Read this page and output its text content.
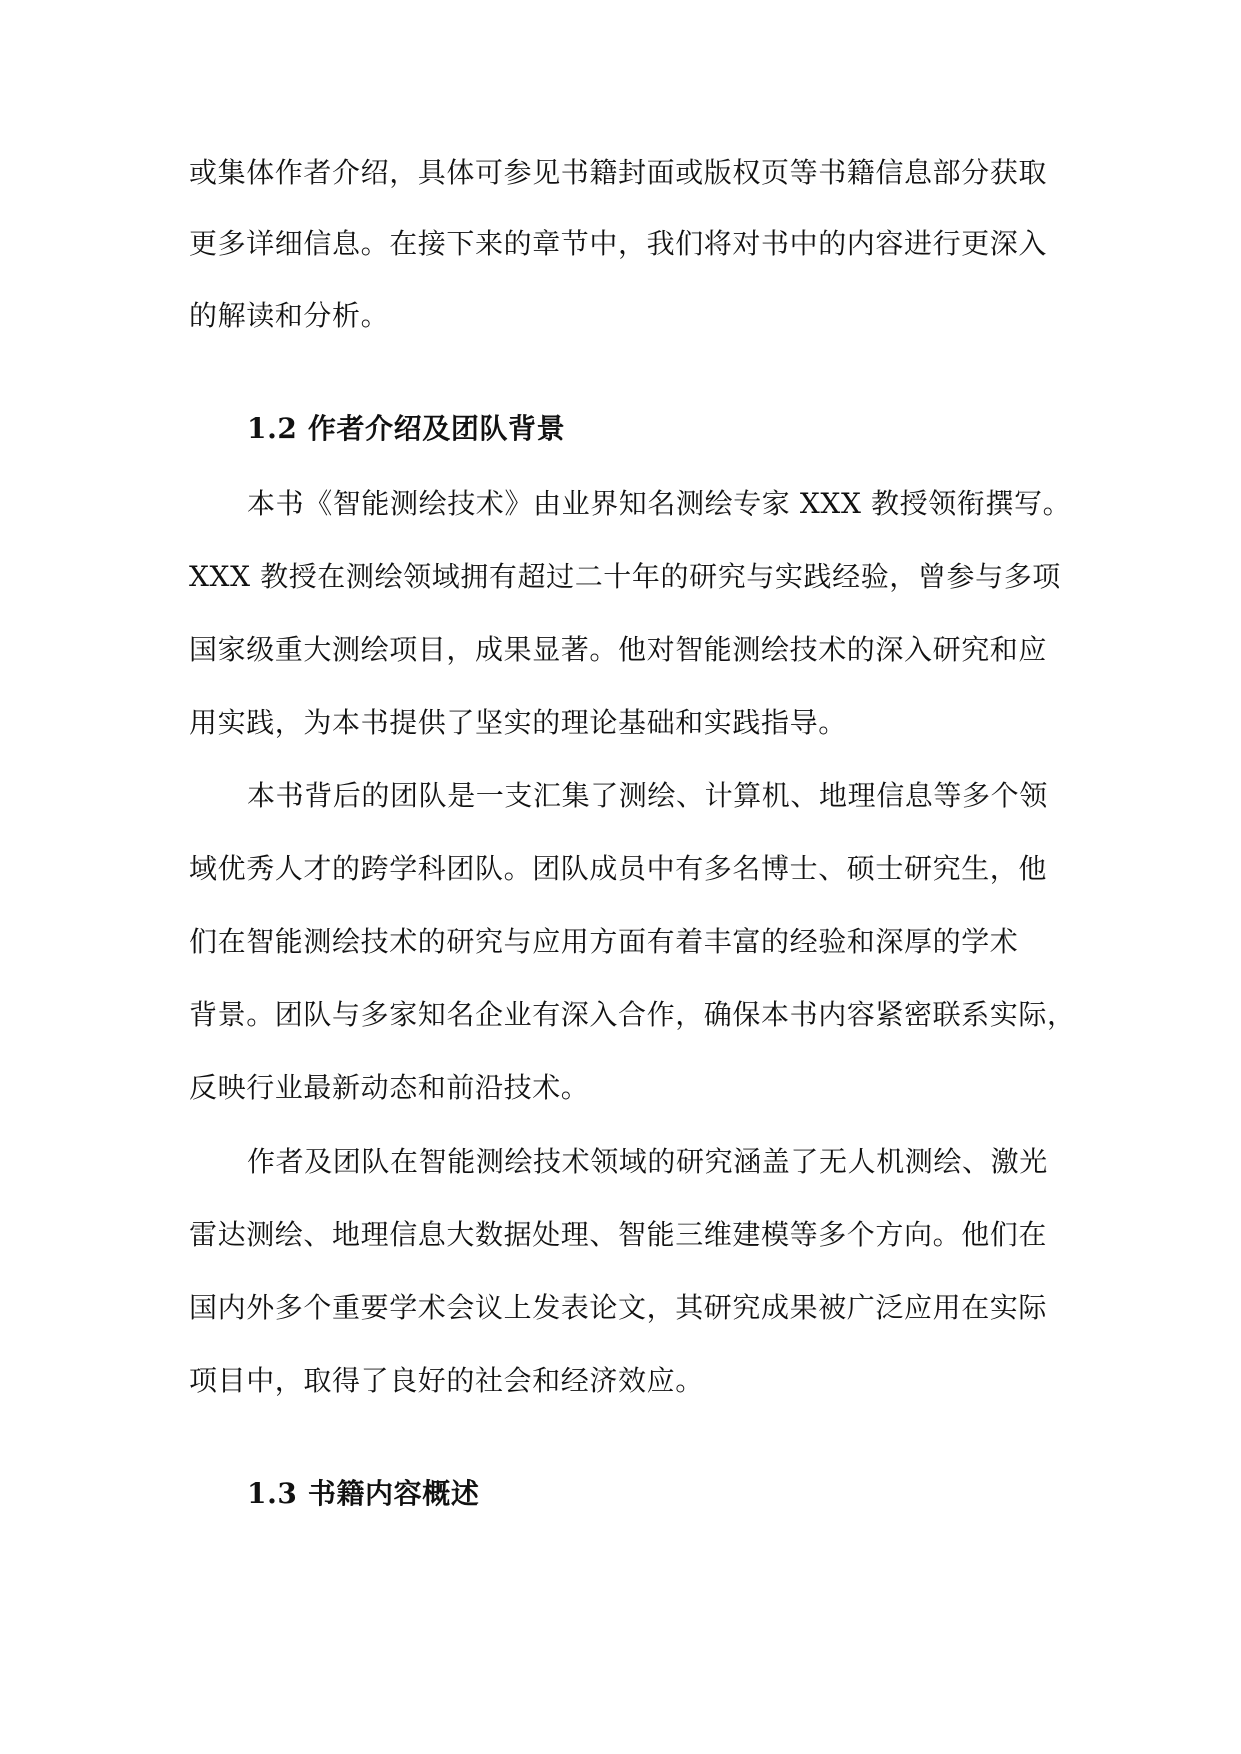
或集体作者介绍，具体可参见书籍封面或版权页等书籍信息部分获取
更多详细信息。在接下来的章节中，我们将对书中的内容进行更深入
的解读和分析。
1.2 作者介绍及团队背景
本书《智能测绘技术》由业界知名测绘专家 XXX 教授领衔撰写。
XXX 教授在测绘领域拥有超过二十年的研究与实践经验，曾参与多项
国家级重大测绘项目，成果显著。他对智能测绘技术的深入研究和应
用实践，为本书提供了坚实的理论基础和实践指导。
本书背后的团队是一支汇集了测绘、计算机、地理信息等多个领
域优秀人才的跨学科团队。团队成员中有多名博士、硕士研究生，他
们在智能测绘技术的研究与应用方面有着丰富的经验和深厚的学术
背景。团队与多家知名企业有深入合作，确保本书内容紧密联系实际，
反映行业最新动态和前沿技术。
作者及团队在智能测绘技术领域的研究涵盖了无人机测绘、激光
雷达测绘、地理信息大数据处理、智能三维建模等多个方向。他们在
国内外多个重要学术会议上发表论文，其研究成果被广泛应用在实际
项目中，取得了良好的社会和经济效应。
1.3 书籍内容概述
